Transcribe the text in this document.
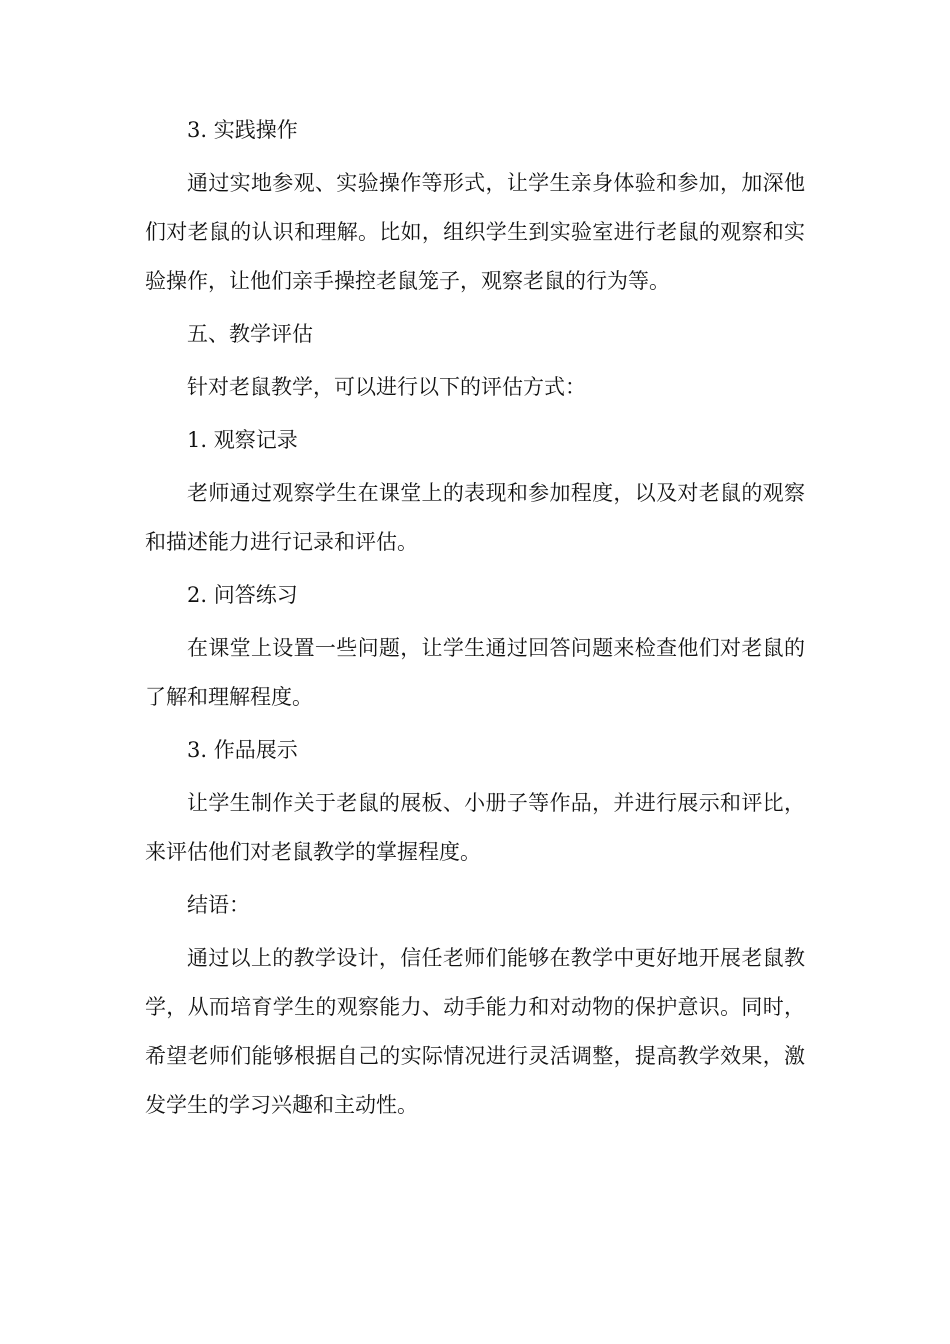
3. 实践操作

通过实地参观、实验操作等形式，让学生亲身体验和参加，加深他们对老鼠的认识和理解。比如，组织学生到实验室进行老鼠的观察和实验操作，让他们亲手操控老鼠笼子，观察老鼠的行为等。

五、教学评估

针对老鼠教学，可以进行以下的评估方式：

1. 观察记录

老师通过观察学生在课堂上的表现和参加程度，以及对老鼠的观察和描述能力进行记录和评估。

2. 问答练习

在课堂上设置一些问题，让学生通过回答问题来检查他们对老鼠的了解和理解程度。

3. 作品展示

让学生制作关于老鼠的展板、小册子等作品，并进行展示和评比，来评估他们对老鼠教学的掌握程度。

结语：

通过以上的教学设计，信任老师们能够在教学中更好地开展老鼠教学，从而培育学生的观察能力、动手能力和对动物的保护意识。同时，希望老师们能够根据自己的实际情况进行灵活调整，提高教学效果，激发学生的学习兴趣和主动性。
